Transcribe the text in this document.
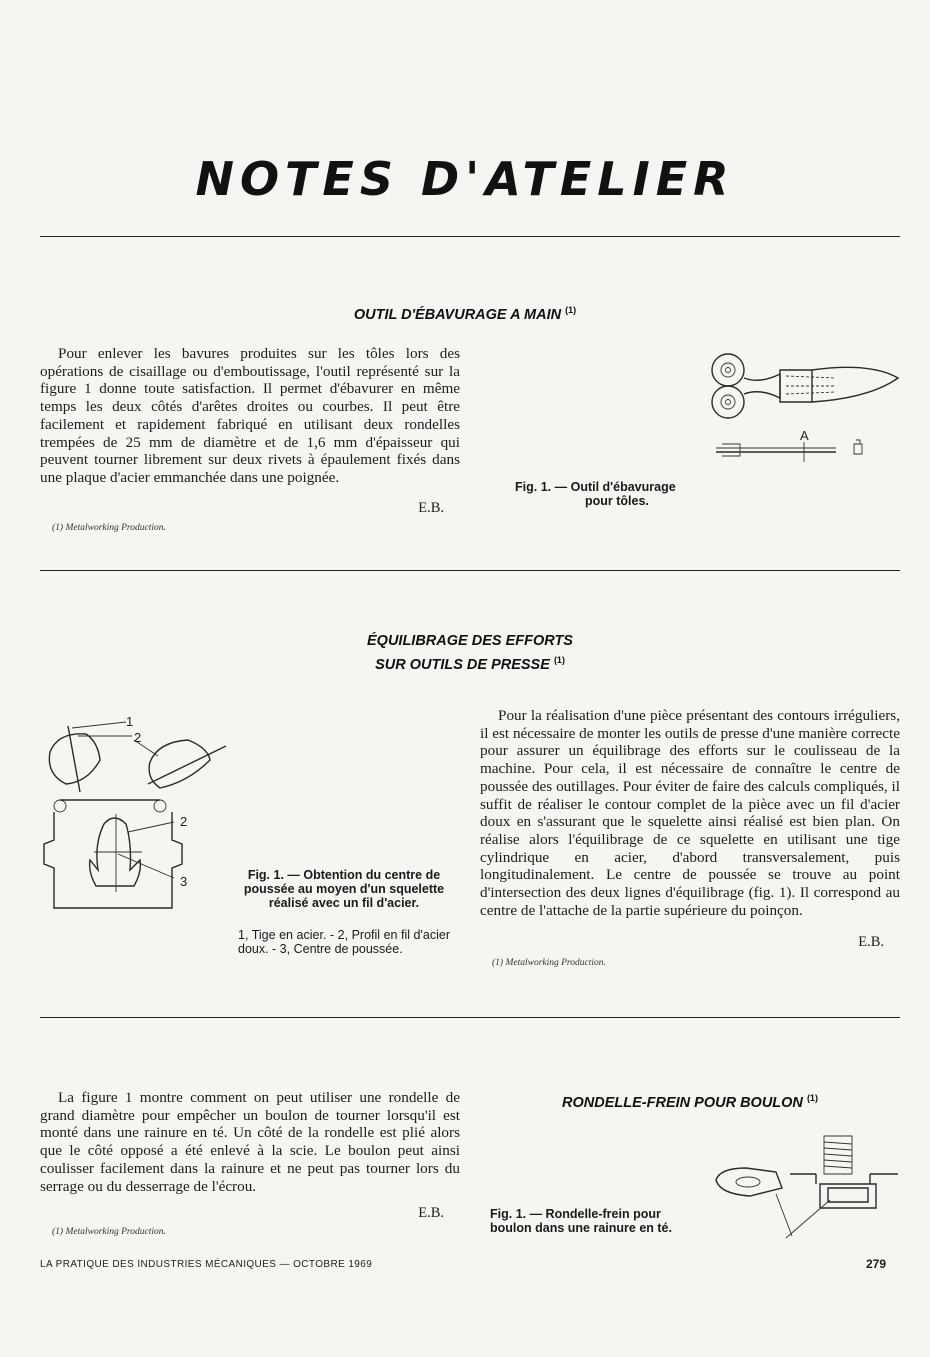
NOTES D'ATELIER
OUTIL D'ÉBAVURAGE A MAIN $^{(1)}$
Pour enlever les bavures produites sur les tôles lors des opérations de cisaillage ou d'emboutissage, l'outil représenté sur la figure 1 donne toute satisfaction. Il permet d'ébavurer en même temps les deux côtés d'arêtes droites ou courbes. Il peut être facilement et rapidement fabriqué en utilisant deux rondelles trempées de 25 mm de diamètre et de 1,6 mm d'épaisseur qui peuvent tourner librement sur deux rivets à épaulement fixés dans une plaque d'acier emmanchée dans une poignée.
E.B.
(1) Metalworking Production.
A
Fig. 1. — Outil d'ébavurage
pour tôles.
ÉQUILIBRAGE DES EFFORTS
SUR OUTILS DE PRESSE $^{(1)}$
1
2
2
3	Fig. 1. — Obtention du centre de poussée au moyen d'un squelette réalisé avec un fil d'acier.
1, Tige en acier. - 2, Profil en fil d'acier doux. - 3, Centre de poussée.
Pour la réalisation d'une pièce présentant des contours irréguliers, il est nécessaire de monter les outils de presse d'une manière correcte pour assurer un équilibrage des efforts sur le coulisseau de la machine. Pour cela, il est nécessaire de connaître le centre de poussée des outillages. Pour éviter de faire des calculs compliqués, il suffit de réaliser le contour complet de la pièce avec un fil d'acier doux en s'assurant que le squelette ainsi réalisé est bien plan. On réalise alors l'équilibrage de ce squelette en utilisant une tige cylindrique en acier, d'abord transversalement, puis longitudinalement. Le centre de poussée se trouve au point d'intersection des deux lignes d'équilibrage (fig. 1). Il correspond au centre de l'attache de la partie supérieure du poinçon.
E.B.
(1) Metalworking Production.
La figure 1 montre comment on peut utiliser une rondelle de grand diamètre pour empêcher un boulon de tourner lorsqu'il est monté dans une rainure en té. Un côté de la rondelle est plié alors que le côté opposé a été enlevé à la scie. Le boulon peut ainsi coulisser facilement dans la rainure et ne peut pas tourner lors du serrage ou du desserrage de l'écrou.
E.B.
(1) Metalworking Production.
RONDELLE-FREIN POUR BOULON $^{(1)}$
Fig. 1. — Rondelle-frein pour boulon dans une rainure en té.
LA PRATIQUE DES INDUSTRIES MÉCANIQUES — OCTOBRE 1969	279
